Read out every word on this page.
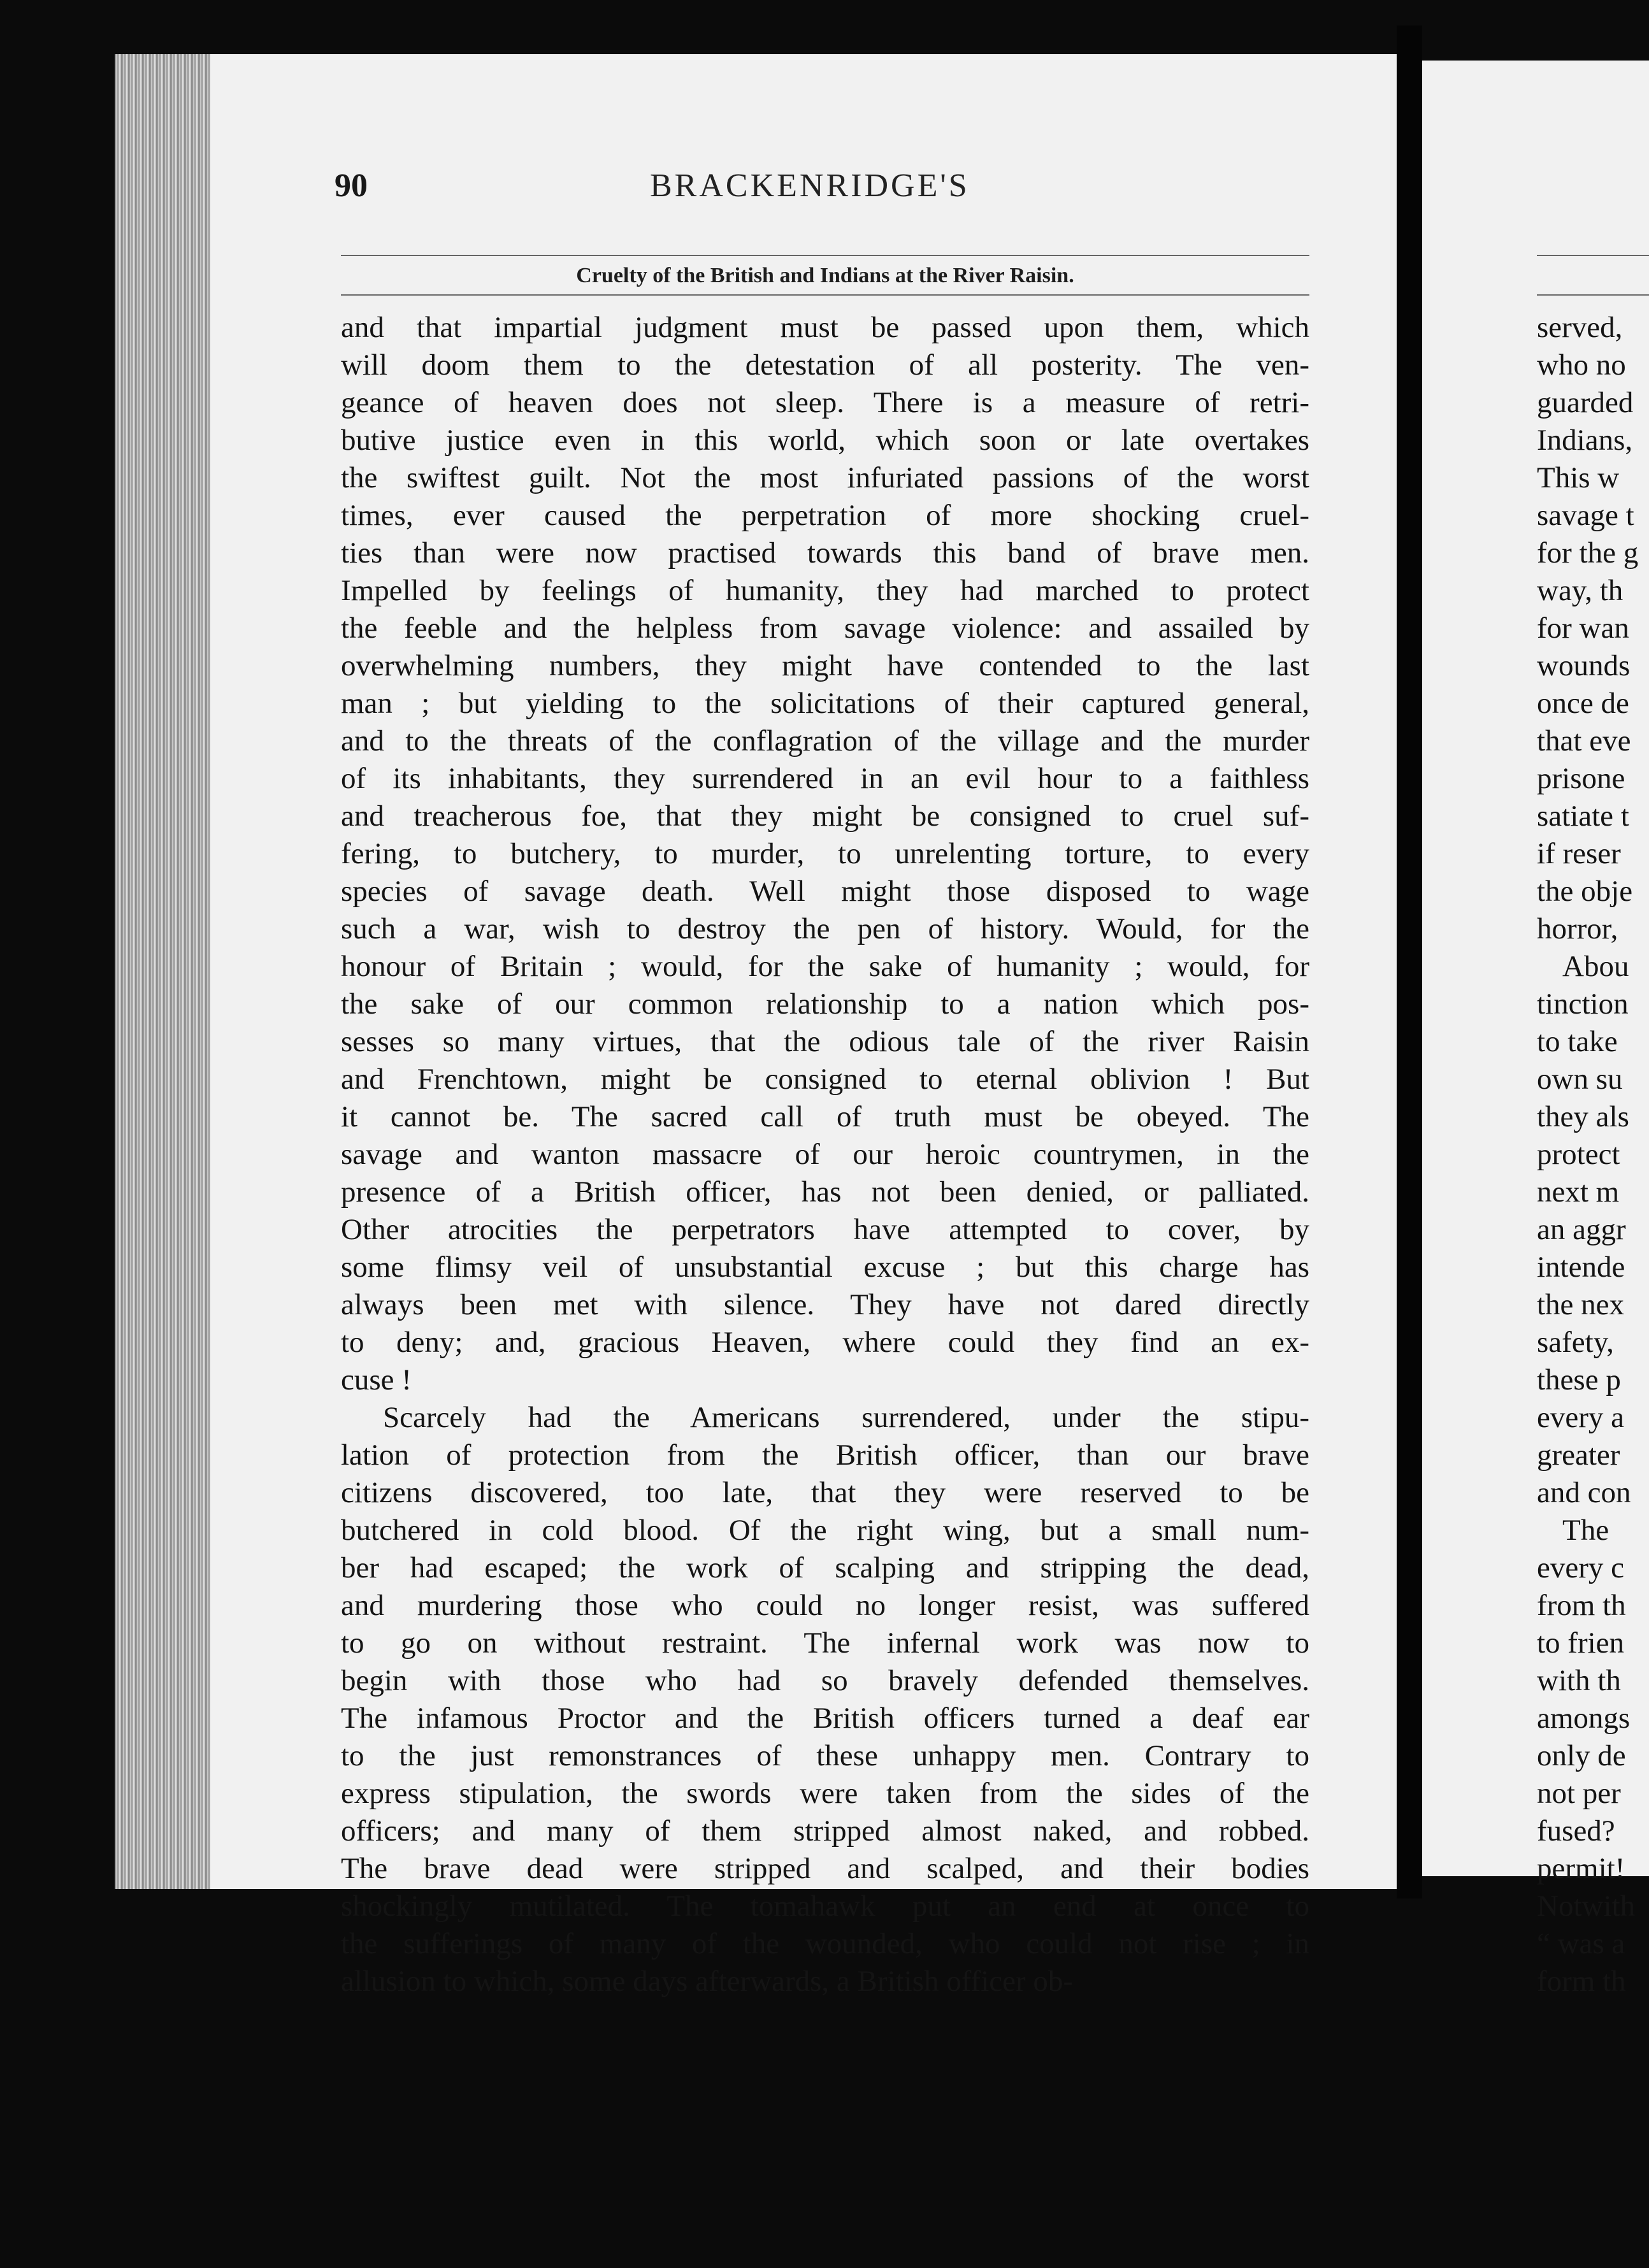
90	BRACKENRIDGE'S
Cruelty of the British and Indians at the River Raisin.
and that impartial judgment must be passed upon them, which
will doom them to the detestation of all posterity. The ven-
geance of heaven does not sleep. There is a measure of retri-
butive justice even in this world, which soon or late overtakes
the swiftest guilt. Not the most infuriated passions of the worst
times, ever caused the perpetration of more shocking cruel-
ties than were now practised towards this band of brave men.
Impelled by feelings of humanity, they had marched to protect
the feeble and the helpless from savage violence: and assailed by
overwhelming numbers, they might have contended to the last
man ; but yielding to the solicitations of their captured general,
and to the threats of the conflagration of the village and the murder
of its inhabitants, they surrendered in an evil hour to a faithless
and treacherous foe, that they might be consigned to cruel suf-
fering, to butchery, to murder, to unrelenting torture, to every
species of savage death. Well might those disposed to wage
such a war, wish to destroy the pen of history. Would, for the
honour of Britain ; would, for the sake of humanity ; would, for
the sake of our common relationship to a nation which pos-
sesses so many virtues, that the odious tale of the river Raisin
and Frenchtown, might be consigned to eternal oblivion ! But
it cannot be. The sacred call of truth must be obeyed. The
savage and wanton massacre of our heroic countrymen, in the
presence of a British officer, has not been denied, or palliated.
Other atrocities the perpetrators have attempted to cover, by
some flimsy veil of unsubstantial excuse ; but this charge has
always been met with silence. They have not dared directly
to deny; and, gracious Heaven, where could they find an ex-
cuse !
Scarcely had the Americans surrendered, under the stipu-
lation of protection from the British officer, than our brave
citizens discovered, too late, that they were reserved to be
butchered in cold blood. Of the right wing, but a small num-
ber had escaped; the work of scalping and stripping the dead,
and murdering those who could no longer resist, was suffered
to go on without restraint. The infernal work was now to
begin with those who had so bravely defended themselves.
The infamous Proctor and the British officers turned a deaf ear
to the just remonstrances of these unhappy men. Contrary to
express stipulation, the swords were taken from the sides of the
officers; and many of them stripped almost naked, and robbed.
The brave dead were stripped and scalped, and their bodies
shockingly mutilated. The tomahawk put an end at once to
the sufferings of many of the wounded, who could not rise ; in
allusion to which, some days afterwards, a British officer ob-
served,
who no
guarded
Indians,
This w
savage t
for the g
way, th
for wan
wounds
once de
that eve
prisone
satiate t
if reser
the obje
horror,
Abou
tinction
to take
own su
they als
protect
next m
an aggr
intende
the nex
safety,
these p
every a
greater
and con
The
every c
from th
to frien
with th
amongs
only de
not per
fused?
permit!
Notwith
“ was a
form th
